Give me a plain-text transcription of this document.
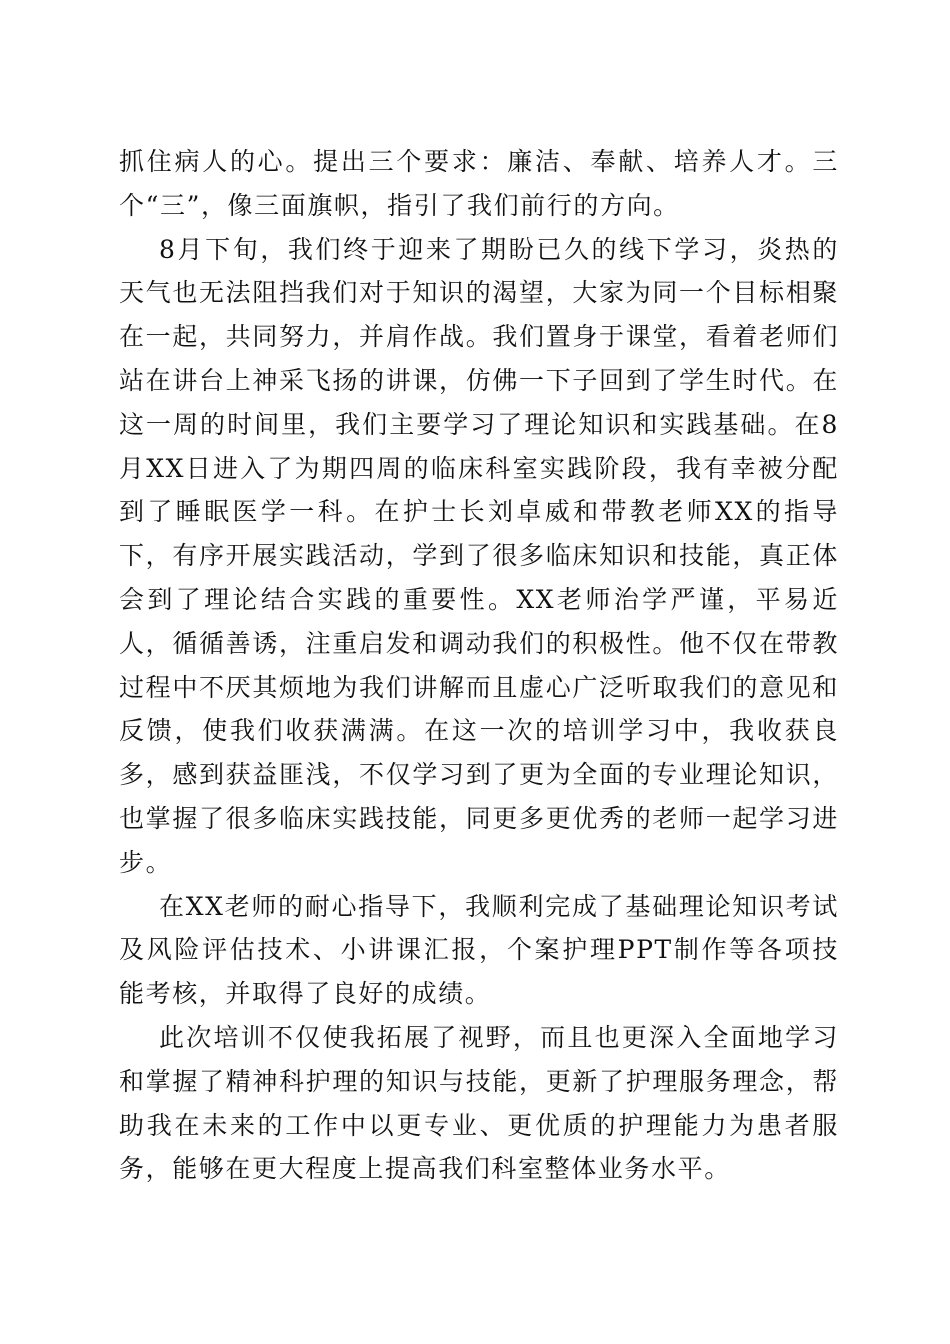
抓住病人的心。提出三个要求：廉洁、奉献、培养人才。三个“三”，像三面旗帜，指引了我们前行的方向。

8月下旬，我们终于迎来了期盼已久的线下学习，炎热的天气也无法阻挡我们对于知识的渴望，大家为同一个目标相聚在一起，共同努力，并肩作战。我们置身于课堂，看着老师们站在讲台上神采飞扬的讲课，仿佛一下子回到了学生时代。在这一周的时间里，我们主要学习了理论知识和实践基础。在8月XX日进入了为期四周的临床科室实践阶段，我有幸被分配到了睡眠医学一科。在护士长刘卓威和带教老师XX的指导下，有序开展实践活动，学到了很多临床知识和技能，真正体会到了理论结合实践的重要性。XX老师治学严谨，平易近人，循循善诱，注重启发和调动我们的积极性。他不仅在带教过程中不厌其烦地为我们讲解而且虚心广泛听取我们的意见和反馈，使我们收获满满。在这一次的培训学习中，我收获良多，感到获益匪浅，不仅学习到了更为全面的专业理论知识，也掌握了很多临床实践技能，同更多更优秀的老师一起学习进步。

在XX老师的耐心指导下，我顺利完成了基础理论知识考试及风险评估技术、小讲课汇报，个案护理PPT制作等各项技能考核，并取得了良好的成绩。

此次培训不仅使我拓展了视野，而且也更深入全面地学习和掌握了精神科护理的知识与技能，更新了护理服务理念，帮助我在未来的工作中以更专业、更优质的护理能力为患者服务，能够在更大程度上提高我们科室整体业务水平。
